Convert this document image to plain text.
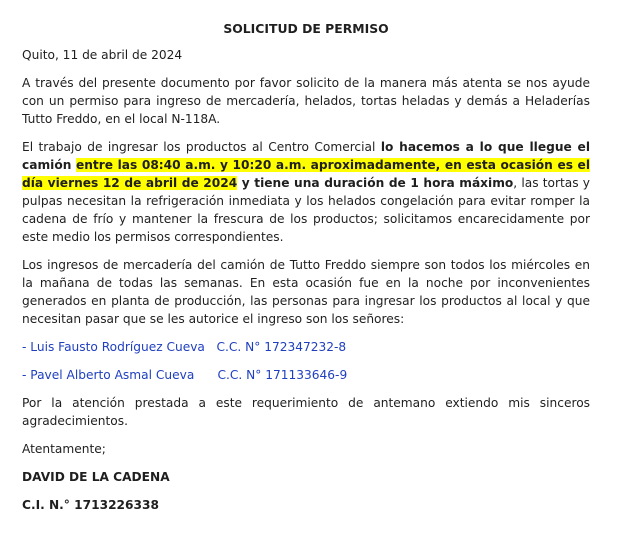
SOLICITUD DE PERMISO

Quito, 11 de abril de 2024

A través del presente documento por favor solicito de la manera más atenta se nos ayude con un permiso para ingreso de mercadería, helados, tortas heladas y demás a Heladerías Tutto Freddo, en el local N-118A.

El trabajo de ingresar los productos al Centro Comercial lo hacemos a lo que llegue el camión entre las 08:40 a.m. y 10:20 a.m. aproximadamente, en esta ocasión es el día viernes 12 de abril de 2024 y tiene una duración de 1 hora máximo, las tortas y pulpas necesitan la refrigeración inmediata y los helados congelación para evitar romper la cadena de frío y mantener la frescura de los productos; solicitamos encarecidamente por este medio los permisos correspondientes.

Los ingresos de mercadería del camión de Tutto Freddo siempre son todos los miércoles en la mañana de todas las semanas. En esta ocasión fue en la noche por inconvenientes generados en planta de producción, las personas para ingresar los productos al local y que necesitan pasar que se les autorice el ingreso son los señores:

- Luis Fausto Rodríguez Cueva   C.C. N° 172347232-8
- Pavel Alberto Asmal Cueva      C.C. N° 171133646-9

Por la atención prestada a este requerimiento de antemano extiendo mis sinceros agradecimientos.

Atentamente;

DAVID DE LA CADENA
C.I. N.° 1713226338
